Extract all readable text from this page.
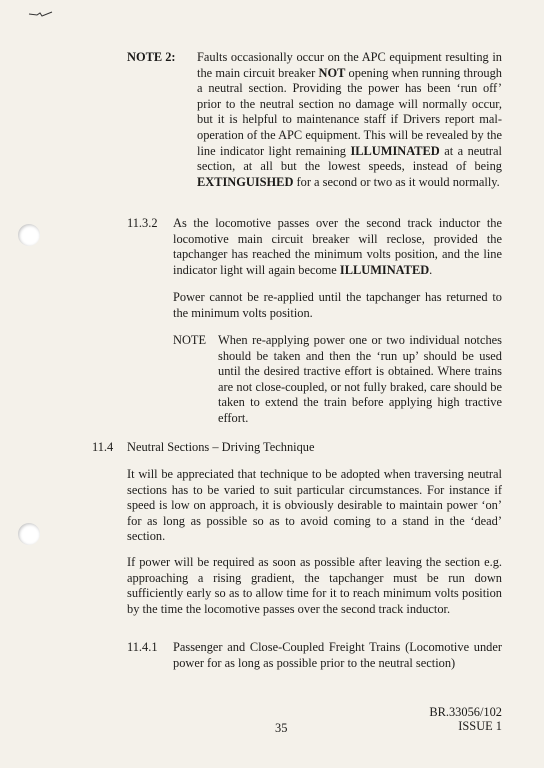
NOTE 2: Faults occasionally occur on the APC equipment resulting in the main circuit breaker NOT opening when running through a neutral section. Providing the power has been ‘run off’ prior to the neutral section no damage will normally occur, but it is helpful to maintenance staff if Drivers report mal-operation of the APC equipment. This will be revealed by the line indicator light remaining ILLUMINATED at a neutral section, at all but the lowest speeds, instead of being EXTINGUISHED for a second or two as it would normally.

11.3.2 As the locomotive passes over the second track inductor the locomotive main circuit breaker will reclose, provided the tapchanger has reached the minimum volts position, and the line indicator light will again become ILLUMINATED.

Power cannot be re-applied until the tapchanger has returned to the minimum volts position.

NOTE When re-applying power one or two individual notches should be taken and then the ‘run up’ should be used until the desired tractive effort is obtained. Where trains are not close-coupled, or not fully braked, care should be taken to extend the train before applying high tractive effort.

11.4 Neutral Sections – Driving Technique

It will be appreciated that technique to be adopted when traversing neutral sections has to be varied to suit particular circumstances. For instance if speed is low on approach, it is obviously desirable to maintain power ‘on’ for as long as possible so as to avoid coming to a stand in the ‘dead’ section.

If power will be required as soon as possible after leaving the section e.g. approaching a rising gradient, the tapchanger must be run down sufficiently early so as to allow time for it to reach minimum volts position by the time the locomotive passes over the second track inductor.

11.4.1 Passenger and Close-Coupled Freight Trains (Locomotive under power for as long as possible prior to the neutral section)

35
BR.33056/102
ISSUE 1
